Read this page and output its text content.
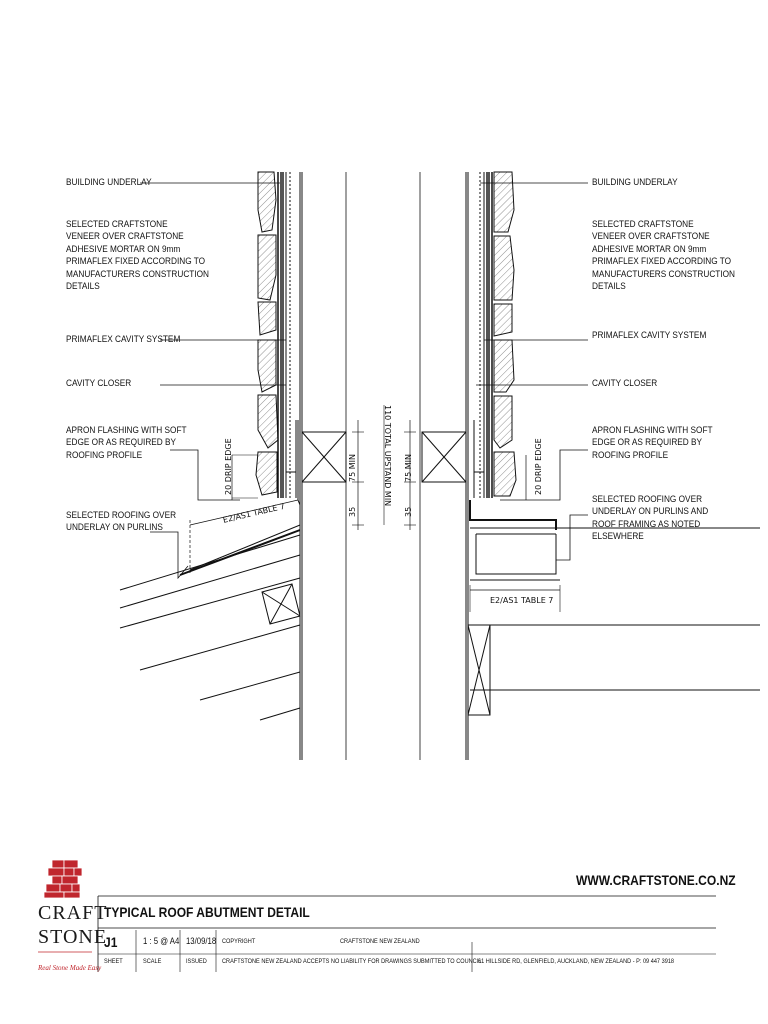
BUILDING UNDERLAY
SELECTED CRAFTSTONE
VENEER OVER CRAFTSTONE
ADHESIVE MORTAR ON 9mm
PRIMAFLEX FIXED ACCORDING TO
MANUFACTURERS CONSTRUCTION
DETAILS
PRIMAFLEX CAVITY SYSTEM
CAVITY CLOSER
APRON FLASHING WITH SOFT
EDGE OR AS REQUIRED BY
ROOFING PROFILE
SELECTED ROOFING OVER
UNDERLAY ON PURLINS
BUILDING UNDERLAY
SELECTED CRAFTSTONE
VENEER OVER CRAFTSTONE
ADHESIVE MORTAR ON 9mm
PRIMAFLEX FIXED ACCORDING TO
MANUFACTURERS CONSTRUCTION
DETAILS
PRIMAFLEX CAVITY SYSTEM
CAVITY CLOSER
APRON FLASHING WITH SOFT
EDGE OR AS REQUIRED BY
ROOFING PROFILE
SELECTED ROOFING OVER
UNDERLAY ON PURLINS AND
ROOF FRAMING AS NOTED
ELSEWHERE
20 DRIP EDGE	20 DRIP EDGE
75 MIN	75 MIN
35	35
110 TOTAL UPSTAND MIN
E2/AS1 TABLE 7
E2/AS1 TABLE 7
WWW.CRAFTSTONE.CO.NZ
TYPICAL ROOF ABUTMENT DETAIL
J1
SHEET
1 : 5 @ A4
SCALE
13/09/18
ISSUED
COPYRIGHT	CRAFTSTONE NEW ZEALAND
CRAFTSTONE NEW ZEALAND ACCEPTS NO LIABILITY FOR DRAWINGS SUBMITTED TO COUNCIL
61 HILLSIDE RD, GLENFIELD, AUCKLAND, NEW ZEALAND - P: 09 447 3918
CRAFT
STONE
Real Stone Made Easy
